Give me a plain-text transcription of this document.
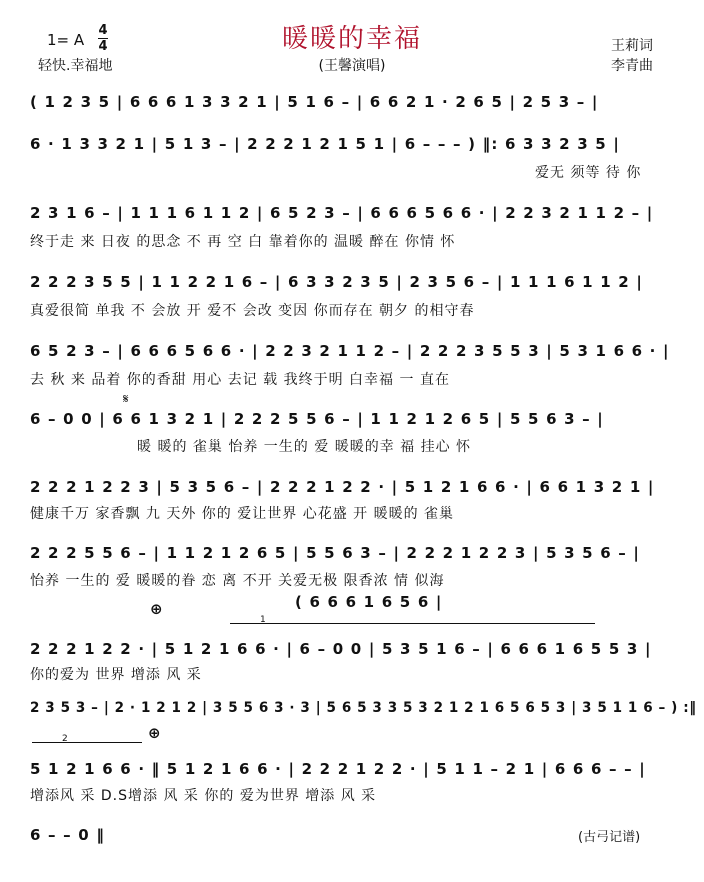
暖暖的幸福
(王馨演唱)
1= A
4
4
轻快.幸福地
王莉词
李青曲
( 1 2 3 5 | 6 6 6 1 3 3 2 1 | 5 1 6 – | 6 6 2 1 · 2 6 5 | 2 5 3 – |
6 · 1 3 3 2 1 | 5 1 3 – | 2 2 2 1 2 1 5 1 | 6 – – – ) ‖: 6 3 3 2 3 5 |
爱无 须等 待 你
2 3 1 6 – | 1 1 1 6 1 1 2 | 6 5 2 3 – | 6 6 6 5 6 6 · | 2 2 3 2 1 1 2 – |
终于走 来 日夜 的思念 不 再 空 白 靠着你的 温暖 醉在 你情 怀
2 2 2 3 5 5 | 1 1 2 2 1 6 – | 6 3 3 2 3 5 | 2 3 5 6 – | 1 1 1 6 1 1 2 |
真爱很简 单我 不 会放 开 爱不 会改 变因 你而存在 朝夕 的相守春
6 5 2 3 – | 6 6 6 5 6 6 · | 2 2 3 2 1 1 2 – | 2 2 2 3 5 5 3 | 5 3 1 6 6 · |
去 秋 来 品着 你的香甜 用心 去记 载 我终于明 白幸福 一 直在
𝄋
6 – 0 0 | 6 6 1 3 2 1 | 2 2 2 5 5 6 – | 1 1 2 1 2 6 5 | 5 5 6 3 – |
暖 暖的 雀巢 怡养 一生的 爱 暖暖的幸 福 挂心 怀
2 2 2 1 2 2 3 | 5 3 5 6 – | 2 2 2 1 2 2 · | 5 1 2 1 6 6 · | 6 6 1 3 2 1 |
健康千万 家香飘 九 天外 你的 爱让世界 心花盛 开 暖暖的 雀巢
2 2 2 5 5 6 – | 1 1 2 1 2 6 5 | 5 5 6 3 – | 2 2 2 1 2 2 3 | 5 3 5 6 – |
怡养 一生的 爱 暖暖的眷 恋 离 不开 关爱无极 限香浓 情 似海
⊕	( 6 6 6 1 6 5 6 |
1
2 2 2 1 2 2 · | 5 1 2 1 6 6 · | 6 – 0 0 | 5 3 5 1 6 – | 6 6 6 1 6 5 5 3 |
你的爱为 世界 增添 风 采
2 3 5 3 – | 2 · 1 2 1 2 | 3 5 5 6 3 · 3 | 5 6 5 3 3 5 3 2 1 2 1 6 5 6 5 3 | 3 5 1 1 6 – ) :‖
2	⊕
5 1 2 1 6 6 · ‖ 5 1 2 1 6 6 · | 2 2 2 1 2 2 · | 5 1 1 – 2 1 | 6 6 6 – – |
增添风 采 D.S增添 风 采 你的 爱为世界 增添 风 采
6 – – 0 ‖	(古弓记谱)
